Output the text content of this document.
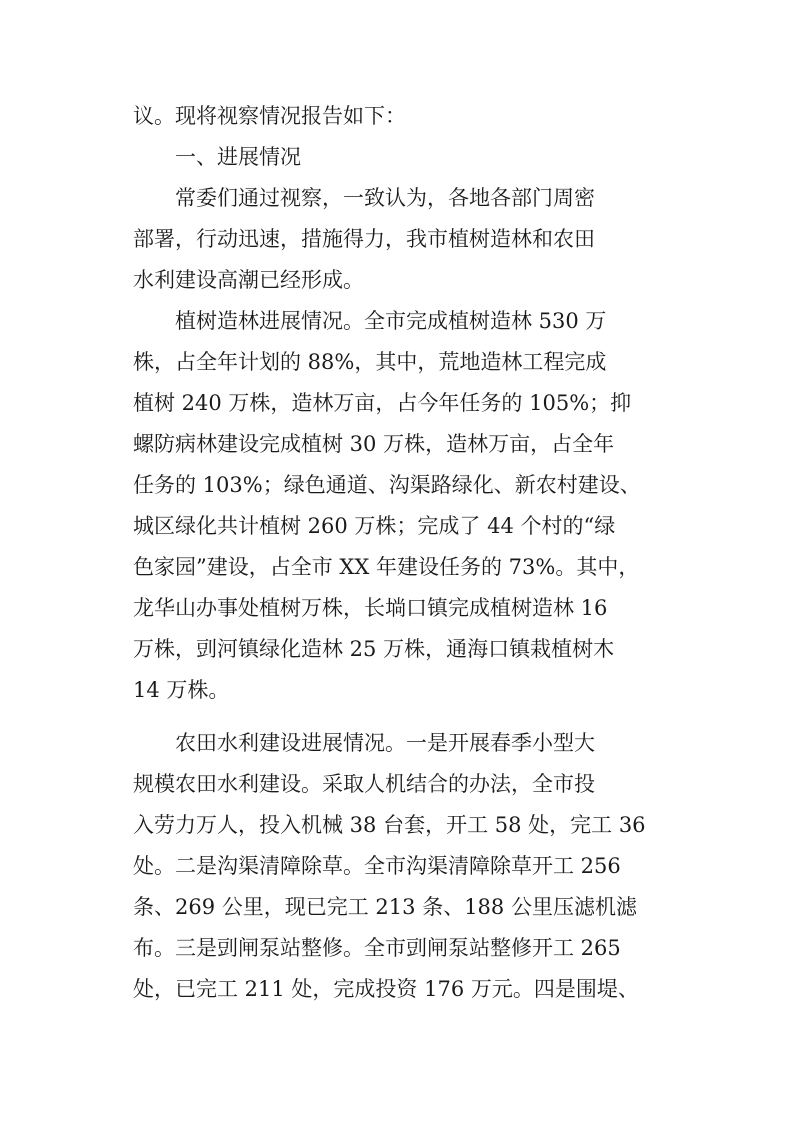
议。现将视察情况报告如下：
一、进展情况
常委们通过视察，一致认为，各地各部门周密
部署，行动迅速，措施得力，我市植树造林和农田
水利建设高潮已经形成。
植树造林进展情况。全市完成植树造林 530 万
株，占全年计划的 88%，其中，荒地造林工程完成
植树 240 万株，造林万亩，占今年任务的 105%；抑
螺防病林建设完成植树 30 万株，造林万亩，占全年
任务的 103%；绿色通道、沟渠路绿化、新农村建设、
城区绿化共计植树 260 万株；完成了 44 个村的“绿
色家园”建设，占全市 XX 年建设任务的 73%。其中，
龙华山办事处植树万株，长埫口镇完成植树造林 16
万株，剅河镇绿化造林 25 万株，通海口镇栽植树木
14 万株。
农田水利建设进展情况。一是开展春季小型大
规模农田水利建设。采取人机结合的办法，全市投
入劳力万人，投入机械 38 台套，开工 58 处，完工 36
处。二是沟渠清障除草。全市沟渠清障除草开工 256
条、269 公里，现已完工 213 条、188 公里压滤机滤
布。三是剅闸泵站整修。全市剅闸泵站整修开工 265
处，已完工 211 处，完成投资 176 万元。四是围堤、
